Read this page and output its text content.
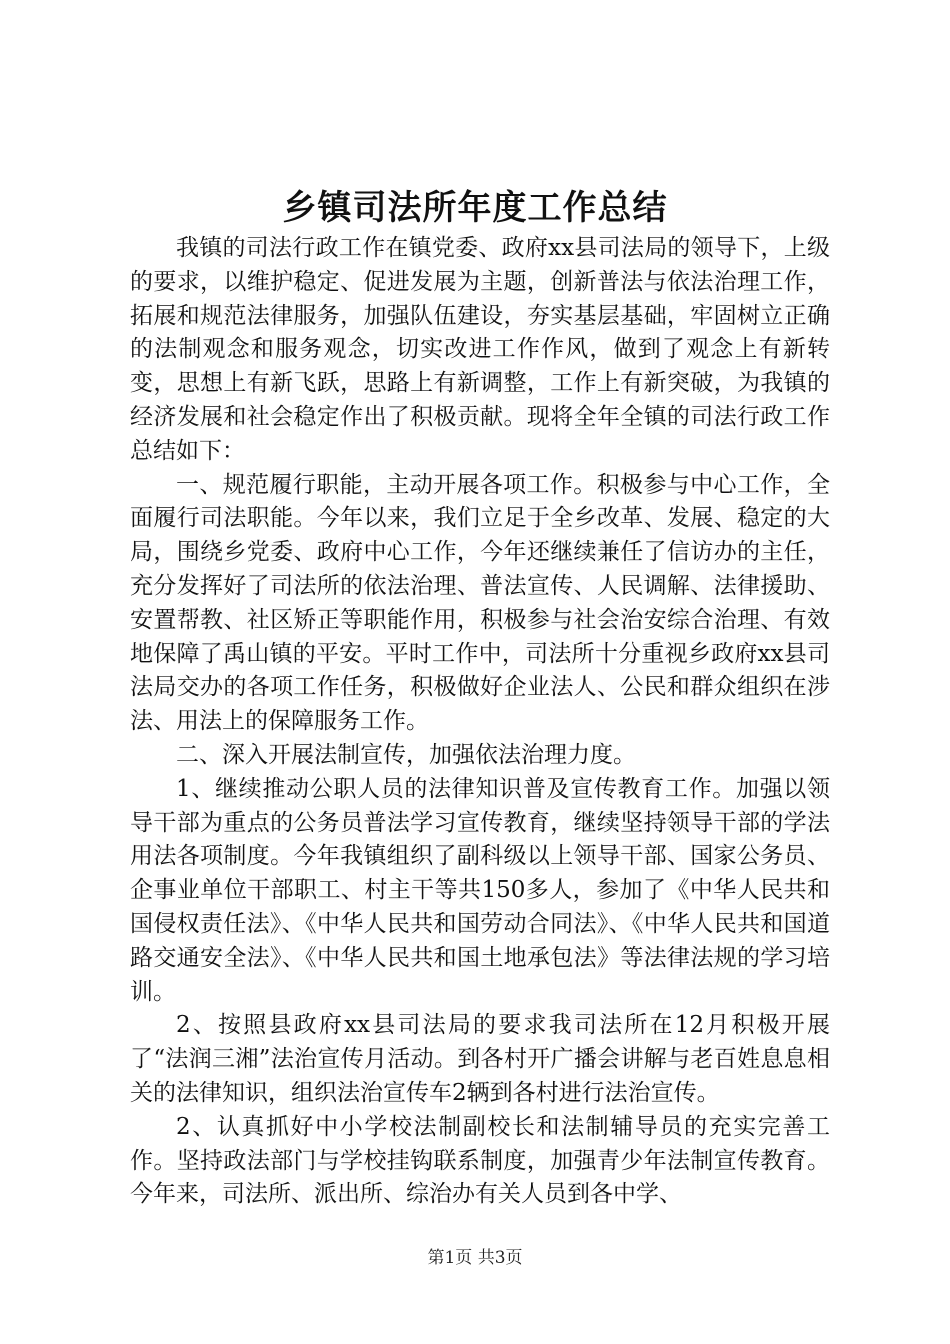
乡镇司法所年度工作总结

我镇的司法行政工作在镇党委、政府xx县司法局的领导下，上级的要求，以维护稳定、促进发展为主题，创新普法与依法治理工作，拓展和规范法律服务，加强队伍建设，夯实基层基础，牢固树立正确的法制观念和服务观念，切实改进工作作风，做到了观念上有新转变，思想上有新飞跃，思路上有新调整，工作上有新突破，为我镇的经济发展和社会稳定作出了积极贡献。现将全年全镇的司法行政工作总结如下：

一、规范履行职能，主动开展各项工作。积极参与中心工作，全面履行司法职能。今年以来，我们立足于全乡改革、发展、稳定的大局，围绕乡党委、政府中心工作，今年还继续兼任了信访办的主任，充分发挥好了司法所的依法治理、普法宣传、人民调解、法律援助、安置帮教、社区矫正等职能作用，积极参与社会治安综合治理、有效地保障了禹山镇的平安。平时工作中，司法所十分重视乡政府xx县司法局交办的各项工作任务，积极做好企业法人、公民和群众组织在涉法、用法上的保障服务工作。

二、深入开展法制宣传，加强依法治理力度。

1、继续推动公职人员的法律知识普及宣传教育工作。加强以领导干部为重点的公务员普法学习宣传教育，继续坚持领导干部的学法用法各项制度。今年我镇组织了副科级以上领导干部、国家公务员、企事业单位干部职工、村主干等共150多人，参加了《中华人民共和国侵权责任法》、《中华人民共和国劳动合同法》、《中华人民共和国道路交通安全法》、《中华人民共和国土地承包法》等法律法规的学习培训。

2、按照县政府xx县司法局的要求我司法所在12月积极开展了“法润三湘”法治宣传月活动。到各村开广播会讲解与老百姓息息相关的法律知识，组织法治宣传车2辆到各村进行法治宣传。

2、认真抓好中小学校法制副校长和法制辅导员的充实完善工作。坚持政法部门与学校挂钩联系制度，加强青少年法制宣传教育。今年来，司法所、派出所、综治办有关人员到各中学、

第1页 共3页
